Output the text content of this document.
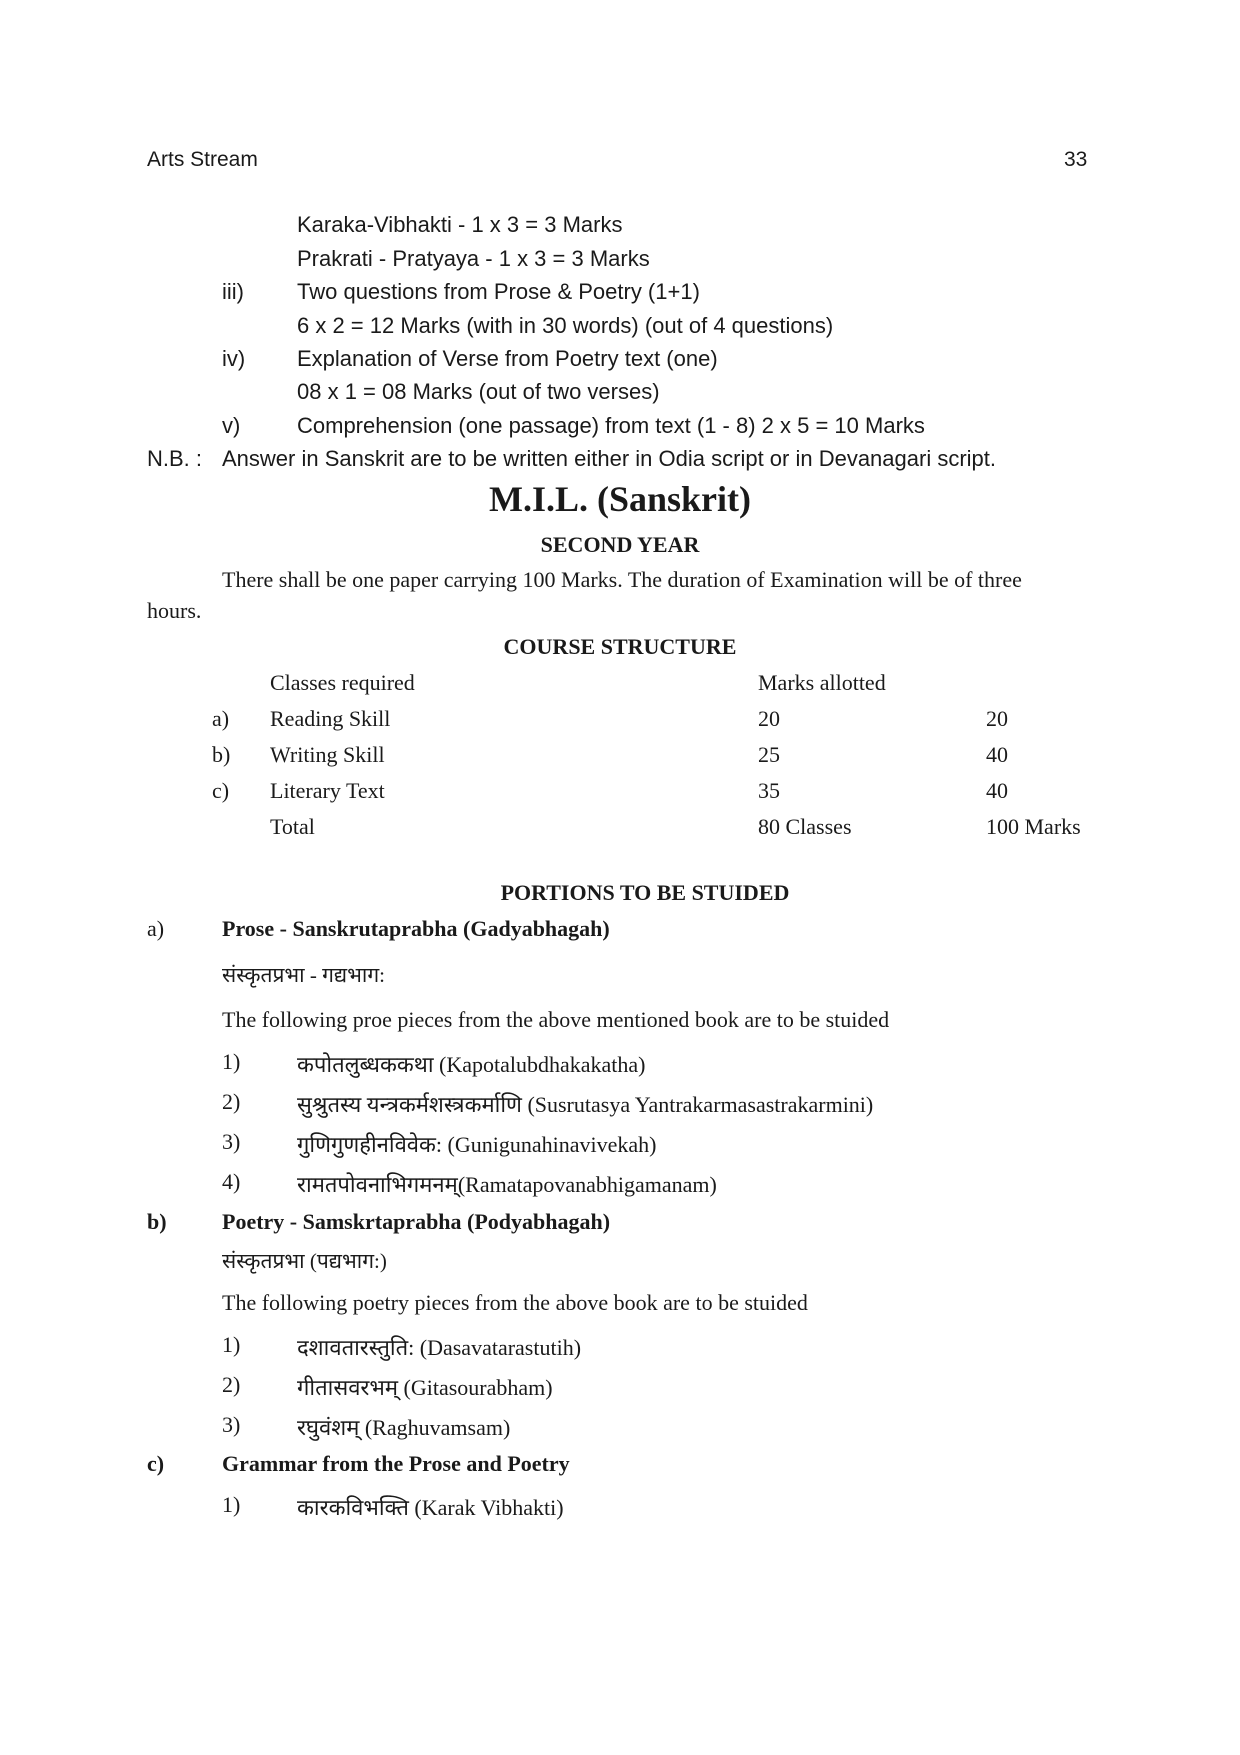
Arts Stream	33
Karaka-Vibhakti - 1 x 3 = 3 Marks
Prakrati - Pratyaya - 1 x 3 = 3 Marks
iii) Two questions from Prose & Poetry (1+1)
6 x 2 = 12 Marks (with in 30 words) (out of 4 questions)
iv) Explanation of Verse from Poetry text (one)
08 x 1 = 08 Marks (out of two verses)
v)	Comprehension (one passage) from text (1 - 8) 2 x 5 = 10 Marks
N.B. : Answer in Sanskrit are to be written either in Odia script or in Devanagari script.
M.I.L. (Sanskrit)
SECOND YEAR
There shall be one paper carrying 100 Marks. The duration of Examination will be of three
hours.
COURSE STRUCTURE
Classes required	Marks allotted
a) Reading Skill	20	20
b) Writing Skill	25	40
c) Literary Text	35	40
Total	80 Classes	100 Marks
PORTIONS TO BE STUIDED
a)	Prose - Sanskrutaprabha (Gadyabhagah)
संस्कृतप्रभा - गद्यभाग:
The following proe pieces from the above mentioned book are to be stuided
1)	कपोतलुब्धककथा (Kapotalubdhakakatha)
2)	सुश्रुतस्य यन्त्रकर्मशस्त्रकर्माणि (Susrutasya Yantrakarmasastrakarmini)
3)	गुणिगुणहीनविवेक: (Gunigunahinavivekah)
4)	रामतपोवनाभिगमनम्(Ramatapovanabhigamanam)
b)	Poetry - Samskrtaprabha (Podyabhagah)
संस्कृतप्रभा (पद्यभाग:)
The following poetry pieces from the above book are to be stuided
1)	दशावतारस्तुति: (Dasavatarastutih)
2)	गीतासवरभम् (Gitasourabham)
3)	रघुवंशम् (Raghuvamsam)
c)	Grammar from the Prose and Poetry
1)	कारकविभक्ति (Karak Vibhakti)
